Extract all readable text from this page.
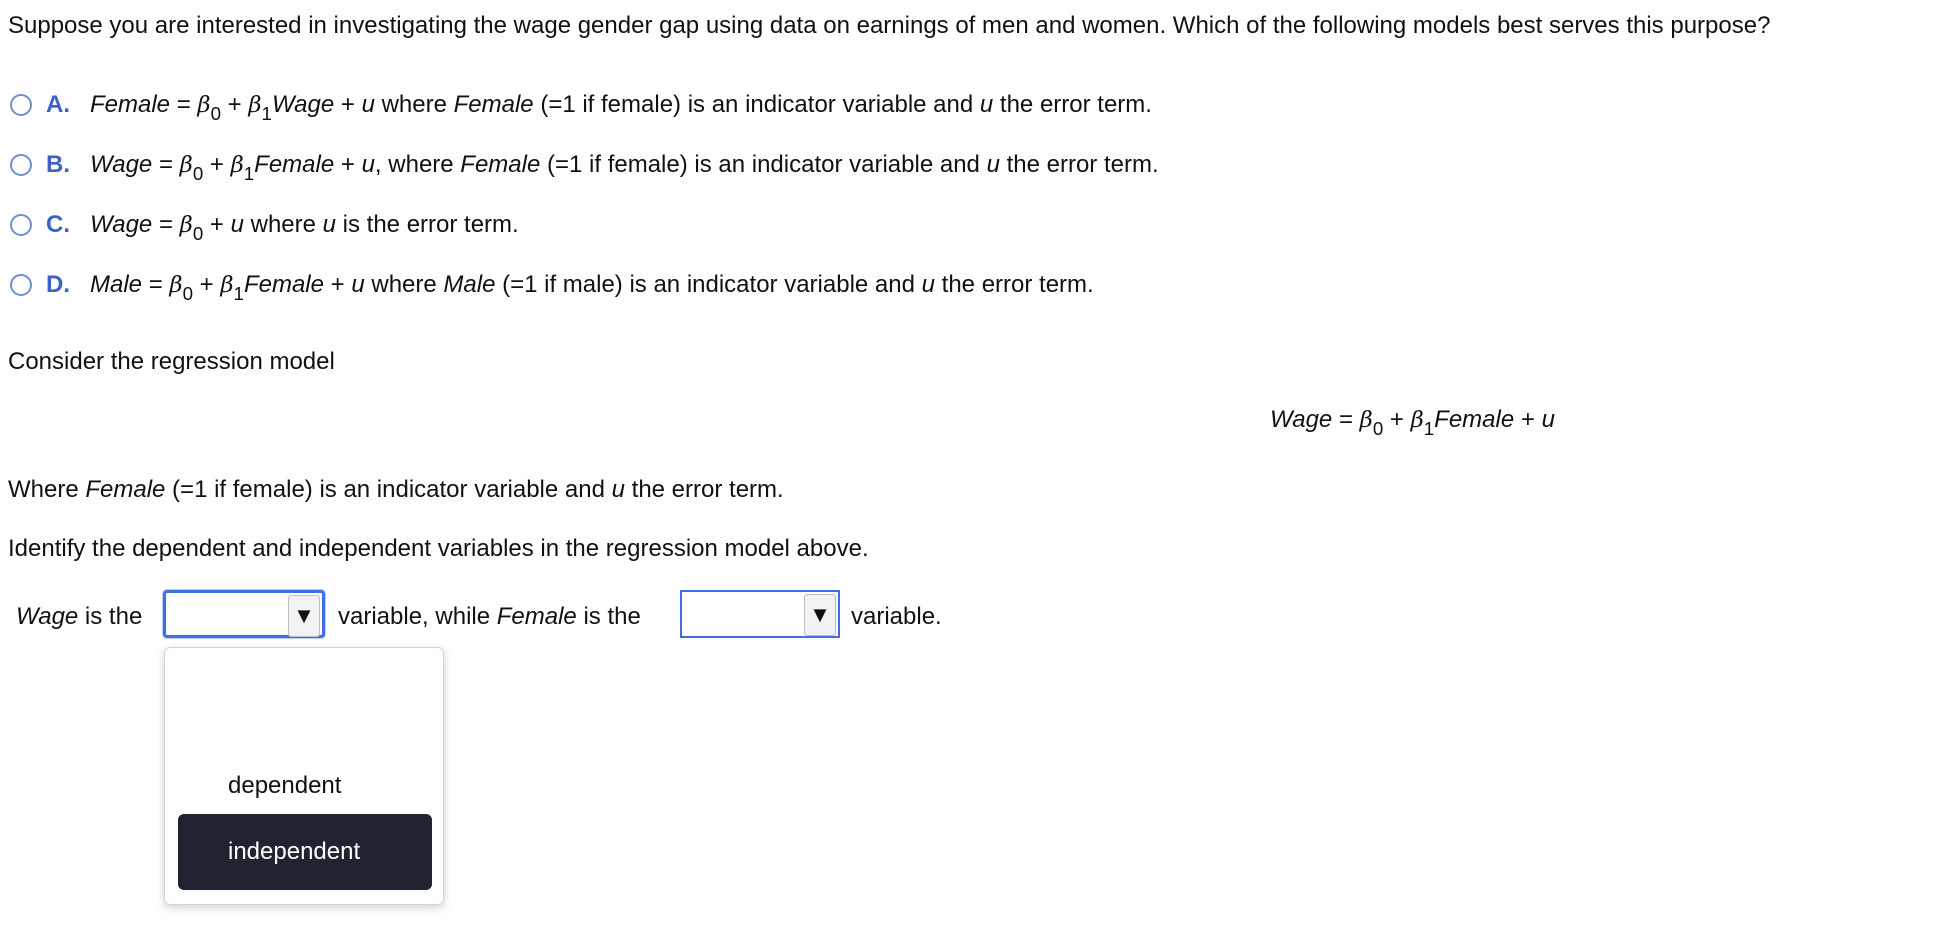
Suppose you are interested in investigating the wage gender gap using data on earnings of men and women. Which of the following models best serves this purpose?
A. Female = $\beta_0$ + $\beta_1Wage + u$ where Female (=1 if female) is an indicator variable and u the error term.
B. Wage = $\beta_0$ + $\beta_1Female + u$, where Female (=1 if female) is an indicator variable and u the error term.
C. Wage = $\beta_0 + u$ where u is the error term.
D. Male = $\beta_0$ + $\beta_1Female + u$ where Male (=1 if male) is an indicator variable and u the error term.
Consider the regression model
Wage = $\beta_0$ + $\beta_1Female + u$
Where Female (=1 if female) is an indicator variable and u the error term.
Identify the dependent and independent variables in the regression model above.
Wage is the	▼ variable, while Female is the	▼ variable.
dependent
independent
